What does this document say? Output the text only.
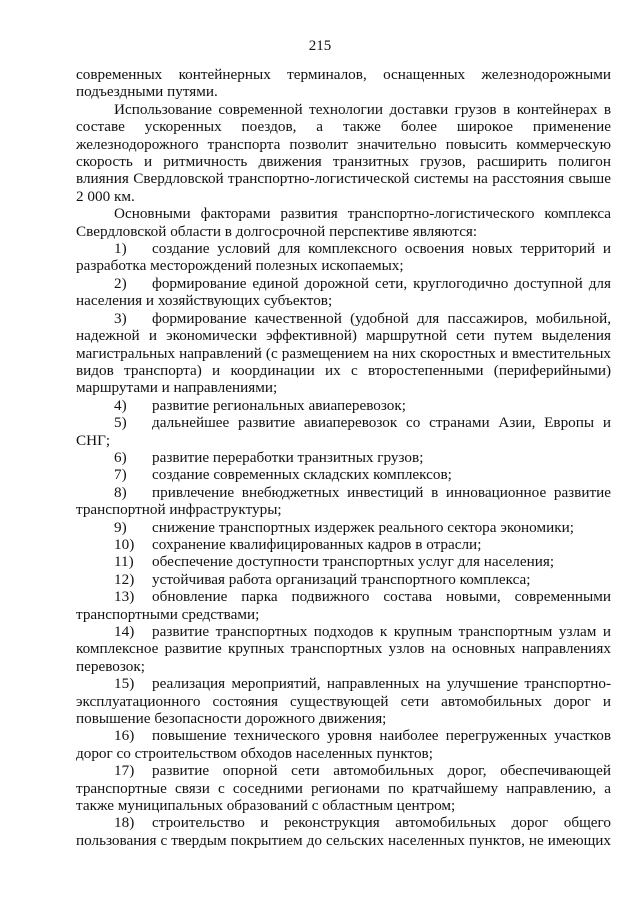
215

современных контейнерных терминалов, оснащенных железнодорожными подъездными путями.

Использование современной технологии доставки грузов в контейнерах в составе ускоренных поездов, а также более широкое применение железнодорожного транспорта позволит значительно повысить коммерческую скорость и ритмичность движения транзитных грузов, расширить полигон влияния Свердловской транспортно-логистической системы на расстояния свыше 2 000 км.

Основными факторами развития транспортно-логистического комплекса Свердловской области в долгосрочной перспективе являются:

1) создание условий для комплексного освоения новых территорий и разработка месторождений полезных ископаемых;

2) формирование единой дорожной сети, круглогодично доступной для населения и хозяйствующих субъектов;

3) формирование качественной (удобной для пассажиров, мобильной, надежной и экономически эффективной) маршрутной сети путем выделения магистральных направлений (с размещением на них скоростных и вместительных видов транспорта) и координации их с второстепенными (периферийными) маршрутами и направлениями;

4) развитие региональных авиаперевозок;

5) дальнейшее развитие авиаперевозок со странами Азии, Европы и СНГ;

6) развитие переработки транзитных грузов;

7) создание современных складских комплексов;

8) привлечение внебюджетных инвестиций в инновационное развитие транспортной инфраструктуры;

9) снижение транспортных издержек реального сектора экономики;

10) сохранение квалифицированных кадров в отрасли;

11) обеспечение доступности транспортных услуг для населения;

12) устойчивая работа организаций транспортного комплекса;

13) обновление парка подвижного состава новыми, современными транспортными средствами;

14) развитие транспортных подходов к крупным транспортным узлам и комплексное развитие крупных транспортных узлов на основных направлениях перевозок;

15) реализация мероприятий, направленных на улучшение транспортно-эксплуатационного состояния существующей сети автомобильных дорог и повышение безопасности дорожного движения;

16) повышение технического уровня наиболее перегруженных участков дорог со строительством обходов населенных пунктов;

17) развитие опорной сети автомобильных дорог, обеспечивающей транспортные связи с соседними регионами по кратчайшему направлению, а также муниципальных образований с областным центром;

18) строительство и реконструкция автомобильных дорог общего пользования с твердым покрытием до сельских населенных пунктов, не имеющих
